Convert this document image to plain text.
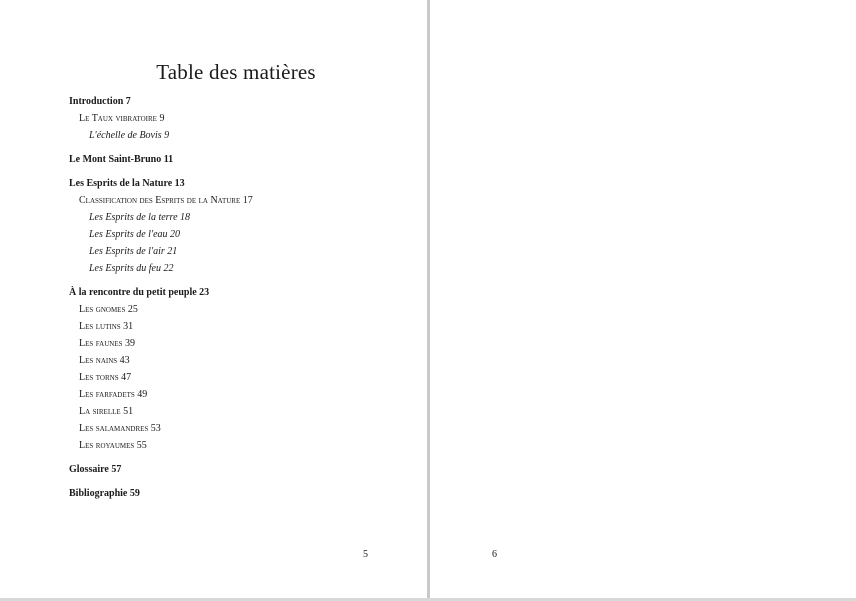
Table des matières
Introduction 7
Le Taux vibratoire 9
L'échelle de Bovis 9
Le Mont Saint-Bruno 11
Les Esprits de la Nature 13
Classification des Esprits de la Nature 17
Les Esprits de la terre 18
Les Esprits de l'eau 20
Les Esprits de l'air 21
Les Esprits du feu 22
À la rencontre du petit peuple 23
Les gnomes 25
Les lutins 31
Les faunes 39
Les nains 43
Les torns 47
Les farfadets 49
La sirelle 51
Les salamandres 53
Les royaumes 55
Glossaire 57
Bibliographie 59
5	6
